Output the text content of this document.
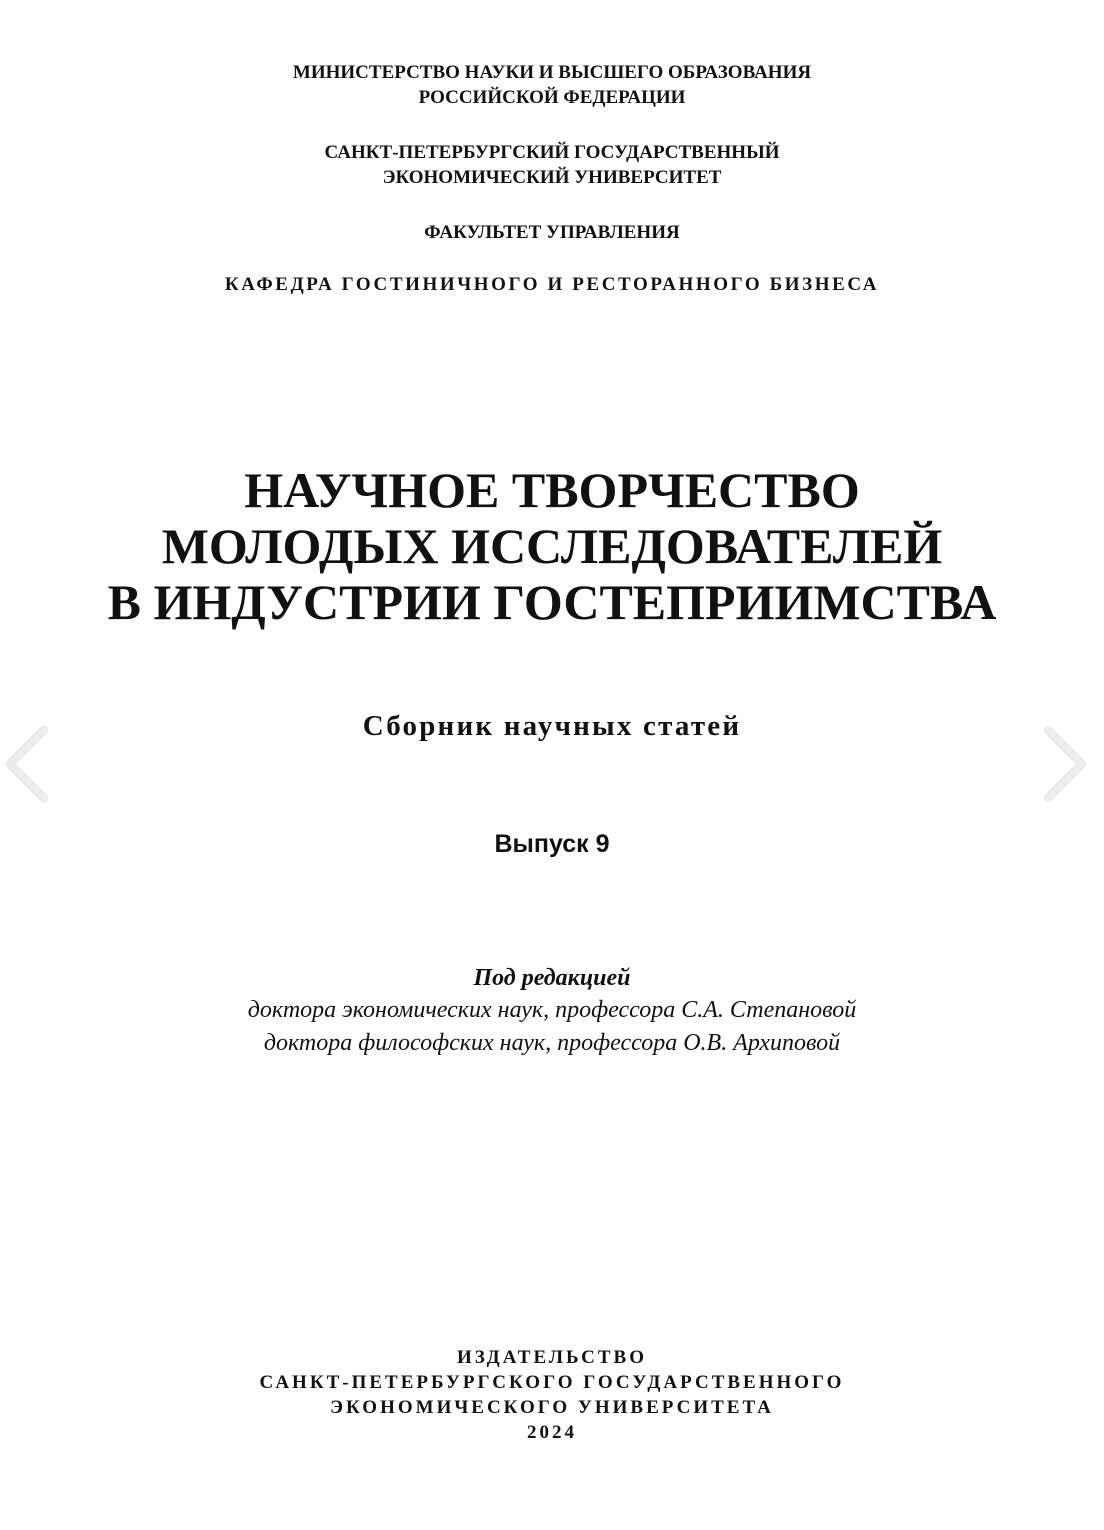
МИНИСТЕРСТВО НАУКИ И ВЫСШЕГО ОБРАЗОВАНИЯ
РОССИЙСКОЙ ФЕДЕРАЦИИ
САНКТ-ПЕТЕРБУРГСКИЙ ГОСУДАРСТВЕННЫЙ
ЭКОНОМИЧЕСКИЙ УНИВЕРСИТЕТ
ФАКУЛЬТЕТ УПРАВЛЕНИЯ
КАФЕДРА ГОСТИНИЧНОГО И РЕСТОРАННОГО БИЗНЕСА
НАУЧНОЕ ТВОРЧЕСТВО
МОЛОДЫХ ИССЛЕДОВАТЕЛЕЙ
В ИНДУСТРИИ ГОСТЕПРИИМСТВА
Сборник научных статей
Выпуск 9
Под редакцией
доктора экономических наук, профессора С.А. Степановой
доктора философских наук, профессора О.В. Архиповой
ИЗДАТЕЛЬСТВО
САНКТ-ПЕТЕРБУРГСКОГО ГОСУДАРСТВЕННОГО
ЭКОНОМИЧЕСКОГО УНИВЕРСИТЕТА
2024
